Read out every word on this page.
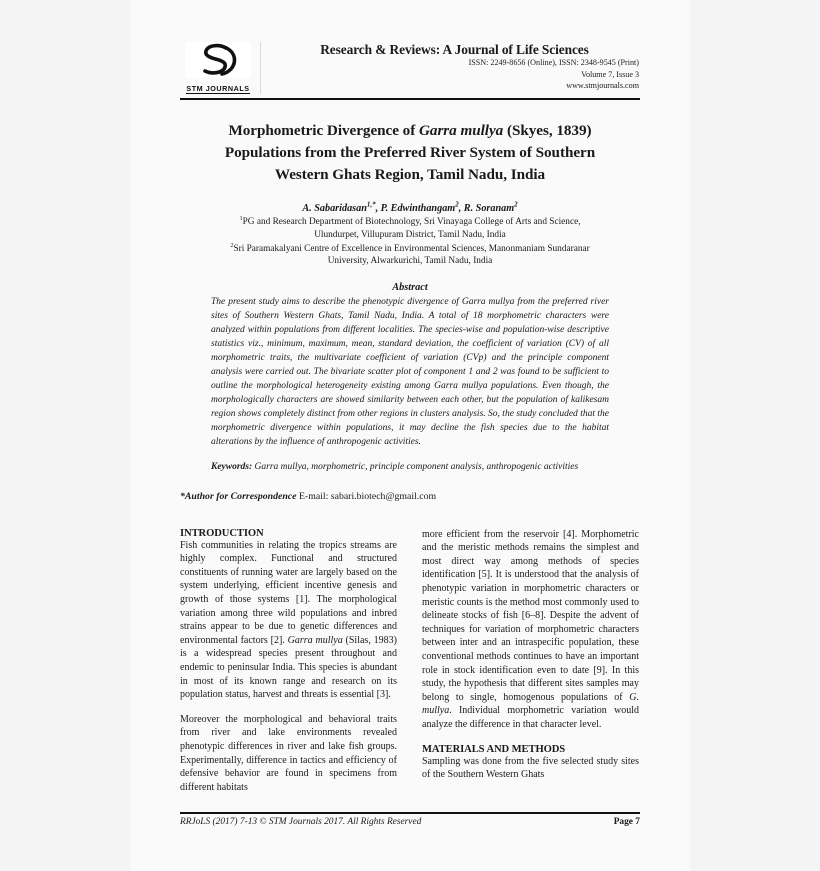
STM JOURNALS
Research & Reviews: A Journal of Life Sciences
ISSN: 2249-8656 (Online), ISSN: 2348-9545 (Print)
Volume 7, Issue 3
www.stmjournals.com
Morphometric Divergence of Garra mullya (Skyes, 1839)
Populations from the Preferred River System of Southern
Western Ghats Region, Tamil Nadu, India
A. Sabaridasan$^{1,*}$, P. Edwinthangam$^2$, R. Soranam$^2$
$^1$PG and Research Department of Biotechnology, Sri Vinayaga College of Arts and Science,
Ulundurpet, Villupuram District, Tamil Nadu, India
$^2$Sri Paramakalyani Centre of Excellence in Environmental Sciences, Manonmaniam Sundaranar
University, Alwarkurichi, Tamil Nadu, India
Abstract
The present study aims to describe the phenotypic divergence of Garra mullya from the preferred river sites of Southern Western Ghats, Tamil Nadu, India. A total of 18 morphometric characters were analyzed within populations from different localities. The species-wise and population-wise descriptive statistics viz., minimum, maximum, mean, standard deviation, the coefficient of variation (CV) of all morphometric traits, the multivariate coefficient of variation (CVp) and the principle component analysis were carried out. The bivariate scatter plot of component 1 and 2 was found to be sufficient to outline the morphological heterogeneity existing among Garra mullya populations. Even though, the morphologically characters are showed similarity between each other, but the population of kalikesam region shows completely distinct from other regions in clusters analysis. So, the study concluded that the morphometric divergence within populations, it may decline the fish species due to the habitat alterations by the influence of anthropogenic activities.
Keywords: Garra mullya, morphometric, principle component analysis, anthropogenic activities
*Author for Correspondence E-mail: sabari.biotech@gmail.com
INTRODUCTION

Fish communities in relating the tropics streams are highly complex. Functional and structured constituents of running water are largely based on the system underlying, efficient incentive genesis and growth of those systems [1]. The morphological variation among three wild populations and inbred strains appear to be due to genetic differences and environmental factors [2]. Garra mullya (Silas, 1983) is a widespread species present throughout and endemic to peninsular India. This species is abundant in most of its known range and research on its population status, harvest and threats is essential [3].

Moreover the morphological and behavioral traits from river and lake environments revealed phenotypic differences in river and lake fish groups. Experimentally, difference in tactics and efficiency of defensive behavior are found in specimens from different habitats

more efficient from the reservoir [4]. Morphometric and the meristic methods remains the simplest and most direct way among methods of species identification [5]. It is understood that the analysis of phenotypic variation in morphometric characters or meristic counts is the method most commonly used to delineate stocks of fish [6–8]. Despite the advent of techniques for variation of morphometric characters between inter and an intraspecific population, these conventional methods continues to have an important role in stock identification even to date [9]. In this study, the hypothesis that different sites samples may belong to single, homogenous populations of G. mullya. Individual morphometric variation would analyze the difference in that character level.

MATERIALS AND METHODS

Sampling was done from the five selected study sites of the Southern Western Ghats

RRJoLS (2017) 7-13 © STM Journals 2017. All Rights Reserved	Page 7
